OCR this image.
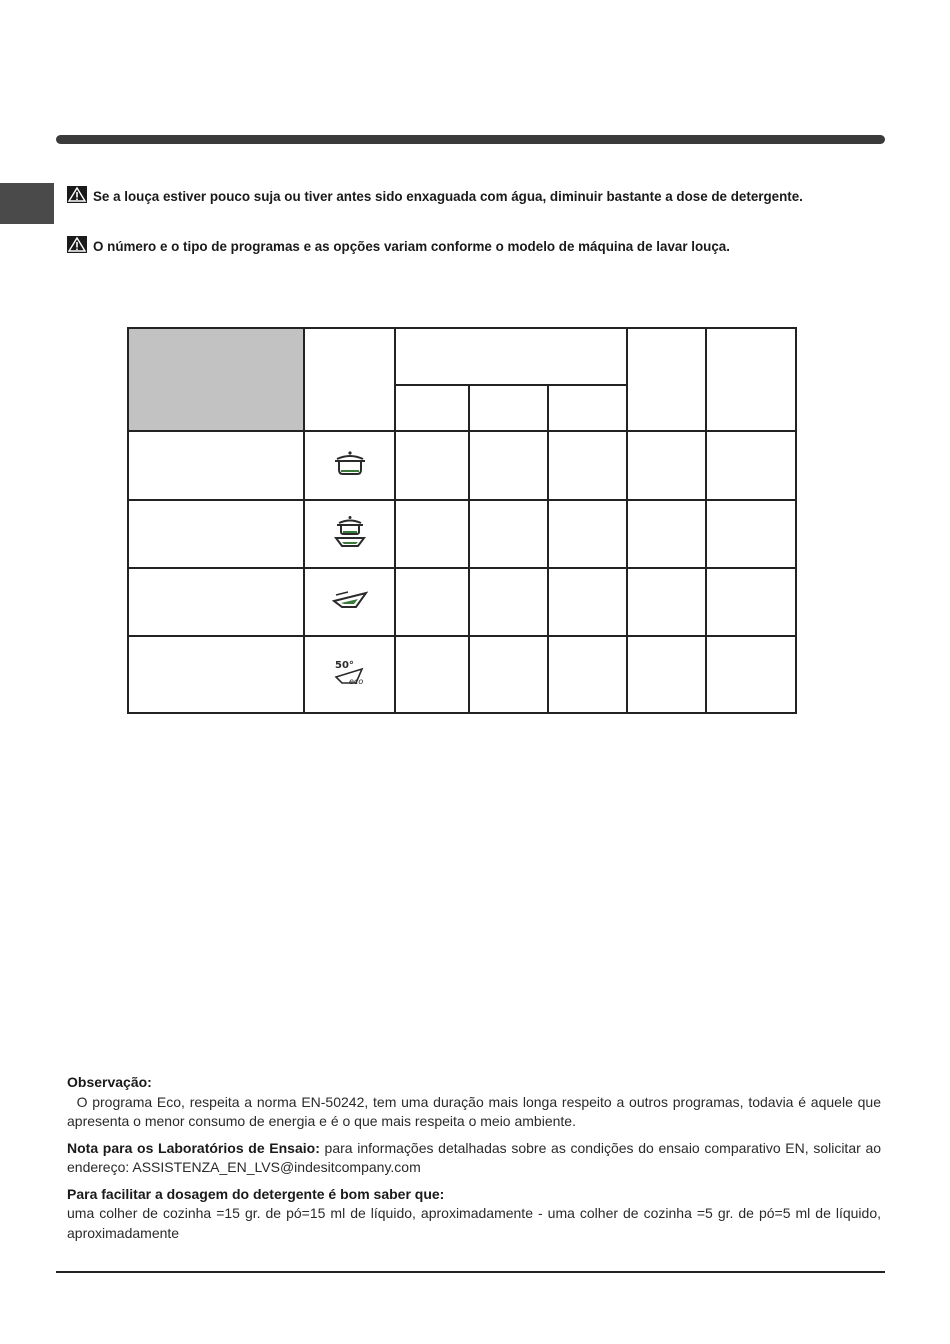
Se a louça estiver pouco suja ou tiver antes sido enxaguada com água, diminuir bastante a dose de detergente.
O número e o tipo de programas e as opções variam conforme o modelo de máquina de lavar louça.

50°
eco					

Observação:
O programa Eco, respeita a norma EN-50242, tem uma duração mais longa respeito a outros programas, todavia é aquele que apresenta o menor consumo de energia e é o que mais respeita o meio ambiente.

Nota para os Laboratórios de Ensaio: para informações detalhadas sobre as condições do ensaio comparativo EN, solicitar ao endereço: ASSISTENZA_EN_LVS@indesitcompany.com

Para facilitar a dosagem do detergente é bom saber que:
uma colher de cozinha =15 gr. de pó=15 ml de líquido, aproximadamente - uma colher de cozinha =5 gr. de pó=5 ml de líquido, aproximadamente
